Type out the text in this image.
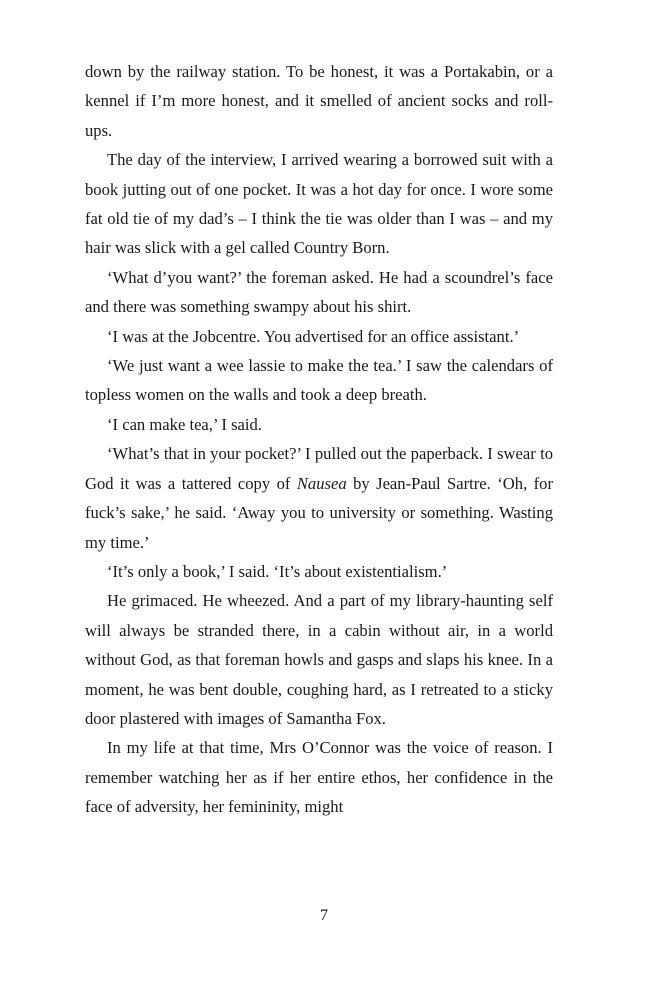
down by the railway station. To be honest, it was a Portakabin, or a kennel if I’m more honest, and it smelled of ancient socks and roll-ups.

The day of the interview, I arrived wearing a borrowed suit with a book jutting out of one pocket. It was a hot day for once. I wore some fat old tie of my dad’s – I think the tie was older than I was – and my hair was slick with a gel called Country Born.

‘What d’you want?’ the foreman asked. He had a scoundrel’s face and there was something swampy about his shirt.

‘I was at the Jobcentre. You advertised for an office assistant.’

‘We just want a wee lassie to make the tea.’ I saw the calendars of topless women on the walls and took a deep breath.

‘I can make tea,’ I said.

‘What’s that in your pocket?’ I pulled out the paperback. I swear to God it was a tattered copy of Nausea by Jean-Paul Sartre. ‘Oh, for fuck’s sake,’ he said. ‘Away you to university or something. Wasting my time.’

‘It’s only a book,’ I said. ‘It’s about existentialism.’

He grimaced. He wheezed. And a part of my library-haunting self will always be stranded there, in a cabin without air, in a world without God, as that foreman howls and gasps and slaps his knee. In a moment, he was bent double, coughing hard, as I retreated to a sticky door plastered with images of Samantha Fox.

In my life at that time, Mrs O’Connor was the voice of reason. I remember watching her as if her entire ethos, her confidence in the face of adversity, her femininity, might

7
